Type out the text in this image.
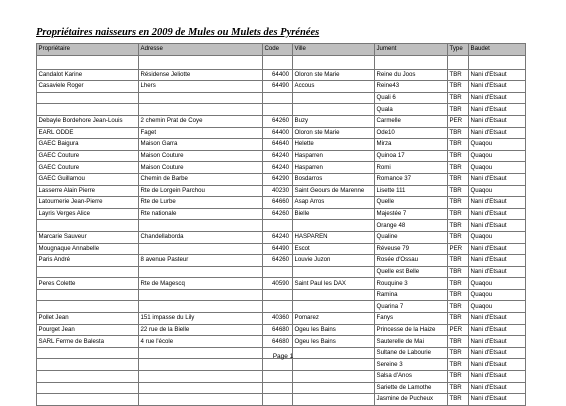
Propriétaires naisseurs en 2009 de Mules ou Mulets des Pyrénées
Propriétaire	Adresse	Code	Ville	Jument	Type	Baudet

Candalot Karine	Résidense Jeliotte	64400	Oloron ste Marie	Reine du Joos	TBR	Nani d'Etsaut
Casaviele Roger	Lhers	64490	Accous	Reine43	TBR	Nani d'Etsaut
				Quali 6	TBR	Nani d'Etsaut
				Quala	TBR	Nani d'Etsaut
Debayle Bordehore Jean-Louis	2 chemin Prat de Coye	64260	Buzy	Carmelle	PER	Nani d'Etsaut
EARL ODDE	Faget	64400	Oloron ste Marie	Ode10	TBR	Nani d'Etsaut
GAEC Baigura	Maison Garra	64640	Helette	Mirza	TBR	Quaqou
GAEC Couture	Maison Couture	64240	Hasparren	Quinoa 17	TBR	Quaqou
GAEC Couture	Maison Couture	64240	Hasparren	Romi	TBR	Quaqou
GAEC Guillamou	Chemin de Barbe	64290	Bosdarros	Romance 37	TBR	Nani d'Etsaut
Lasserre Alain Pierre	Rte de Lorgein Parchou	40230	Saint Geours de Marenne	Lisette 111	TBR	Quaqou
Latournerie Jean-Pierre	Rte de Lurbe	64660	Asap Arros	Quelle	TBR	Nani d'Etsaut
Layris Verges Alice	Rte nationale	64260	Bielle	Majestée 7	TBR	Nani d'Etsaut
				Orange 48	TBR	Nani d'Etsaut
Marcarie Sauveur	Chandellaborda	64240	HASPAREN	Qualine	TBR	Quaqou
Mougnaque Annabelle		64490	Escot	Réveuse 79	PER	Nani d'Etsaut
Paris André	8 avenue Pasteur	64260	Louvie Juzon	Rosée d'Ossau	TBR	Nani d'Etsaut
				Quelle est Belle	TBR	Nani d'Etsaut
Peres Colette	Rte de Magescq	40590	Saint Paul les DAX	Rouquine 3	TBR	Quaqou
				Ramina	TBR	Quaqou
				Quarina 7	TBR	Quaqou
Pollet Jean	151 impasse du Lily	40360	Pomarez	Fanys	TBR	Nani d'Etsaut
Pourget Jean	22 rue de la Bielle	64680	Ogeu les Bains	Princesse de la Haize	PER	Nani d'Etsaut
SARL Ferme de Balesta	4 rue l'école	64680	Ogeu les Bains	Sauterelle de Mai	TBR	Nani d'Etsaut
				Sultane de Labourie	TBR	Nani d'Etsaut
				Sereine 3	TBR	Nani d'Etsaut
				Salsa d'Anos	TBR	Nani d'Etsaut
				Sariette de Lamothe	TBR	Nani d'Etsaut
				Jasmine de Pucheux	TBR	Nani d'Etsaut
Page 1
